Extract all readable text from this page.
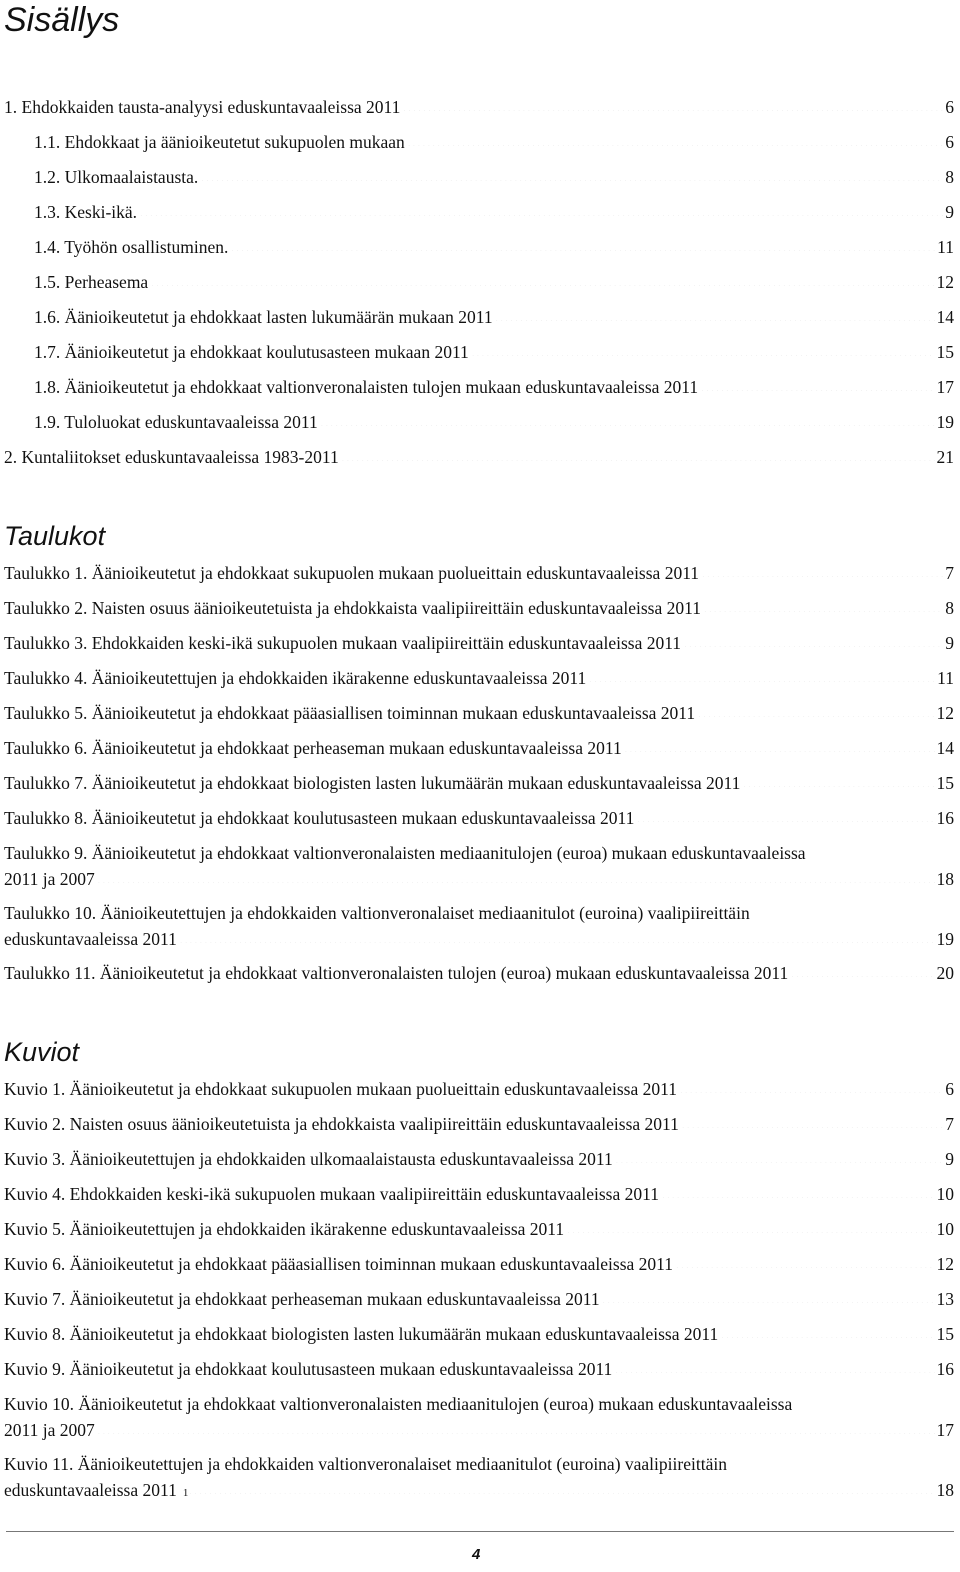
Sisällys
1. Ehdokkaiden tausta-analyysi eduskuntavaaleissa 2011 .....	6
1.1. Ehdokkaat ja äänioikeutetut sukupuolen mukaan .....	6
1.2. Ulkomaalaistausta. .....	8
1.3. Keski-ikä. .....	9
1.4. Työhön osallistuminen. .....	11
1.5. Perheasema .....	12
1.6. Äänioikeutetut ja ehdokkaat lasten lukumäärän mukaan 2011 .....	14
1.7. Äänioikeutetut ja ehdokkaat koulutusasteen mukaan 2011 .....	15
1.8. Äänioikeutetut ja ehdokkaat valtionveronalaisten tulojen mukaan eduskuntavaaleissa 2011 .....	17
1.9. Tuloluokat eduskuntavaaleissa 2011 .....	19
2. Kuntaliitokset eduskuntavaaleissa 1983-2011 .....	21
Taulukot
Taulukko 1. Äänioikeutetut ja ehdokkaat sukupuolen mukaan puolueittain eduskuntavaaleissa 2011 .....	7
Taulukko 2. Naisten osuus äänioikeutetuista ja ehdokkaista vaalipiireittäin eduskuntavaaleissa 2011 .....	8
Taulukko 3. Ehdokkaiden keski-ikä sukupuolen mukaan vaalipiireittäin eduskuntavaaleissa 2011 .....	9
Taulukko 4. Äänioikeutettujen ja ehdokkaiden ikärakenne eduskuntavaaleissa 2011 .....	11
Taulukko 5. Äänioikeutetut ja ehdokkaat pääasiallisen toiminnan mukaan eduskuntavaaleissa 2011 .....	12
Taulukko 6. Äänioikeutetut ja ehdokkaat perheaseman mukaan eduskuntavaaleissa 2011 .....	14
Taulukko 7. Äänioikeutetut ja ehdokkaat biologisten lasten lukumäärän mukaan eduskuntavaaleissa 2011 .....	15
Taulukko 8. Äänioikeutetut ja ehdokkaat koulutusasteen mukaan eduskuntavaaleissa 2011 .....	16
Taulukko 9. Äänioikeutetut ja ehdokkaat valtionveronalaisten mediaanitulojen (euroa) mukaan eduskuntavaaleissa
2011 ja 2007 .....	18
Taulukko 10. Äänioikeutettujen ja ehdokkaiden valtionveronalaiset mediaanitulot (euroina) vaalipiireittäin
eduskuntavaaleissa 2011 .....	19
Taulukko 11. Äänioikeutetut ja ehdokkaat valtionveronalaisten tulojen (euroa) mukaan eduskuntavaaleissa 2011 .....	20
Kuviot
Kuvio 1. Äänioikeutetut ja ehdokkaat sukupuolen mukaan puolueittain eduskuntavaaleissa 2011 .....	6
Kuvio 2. Naisten osuus äänioikeutetuista ja ehdokkaista vaalipiireittäin eduskuntavaaleissa 2011 .....	7
Kuvio 3. Äänioikeutettujen ja ehdokkaiden ulkomaalaistausta eduskuntavaaleissa 2011 .....	9
Kuvio 4. Ehdokkaiden keski-ikä sukupuolen mukaan vaalipiireittäin eduskuntavaaleissa 2011 .....	10
Kuvio 5. Äänioikeutettujen ja ehdokkaiden ikärakenne eduskuntavaaleissa 2011 .....	10
Kuvio 6. Äänioikeutetut ja ehdokkaat pääasiallisen toiminnan mukaan eduskuntavaaleissa 2011 .....	12
Kuvio 7. Äänioikeutetut ja ehdokkaat perheaseman mukaan eduskuntavaaleissa 2011 .....	13
Kuvio 8. Äänioikeutetut ja ehdokkaat biologisten lasten lukumäärän mukaan eduskuntavaaleissa 2011 .....	15
Kuvio 9. Äänioikeutetut ja ehdokkaat koulutusasteen mukaan eduskuntavaaleissa 2011 .....	16
Kuvio 10. Äänioikeutetut ja ehdokkaat valtionveronalaisten mediaanitulojen (euroa) mukaan eduskuntavaaleissa
2011 ja 2007 .....	17
Kuvio 11. Äänioikeutettujen ja ehdokkaiden valtionveronalaiset mediaanitulot (euroina) vaalipiireittäin
eduskuntavaaleissa 2011 1 .....	18
4
